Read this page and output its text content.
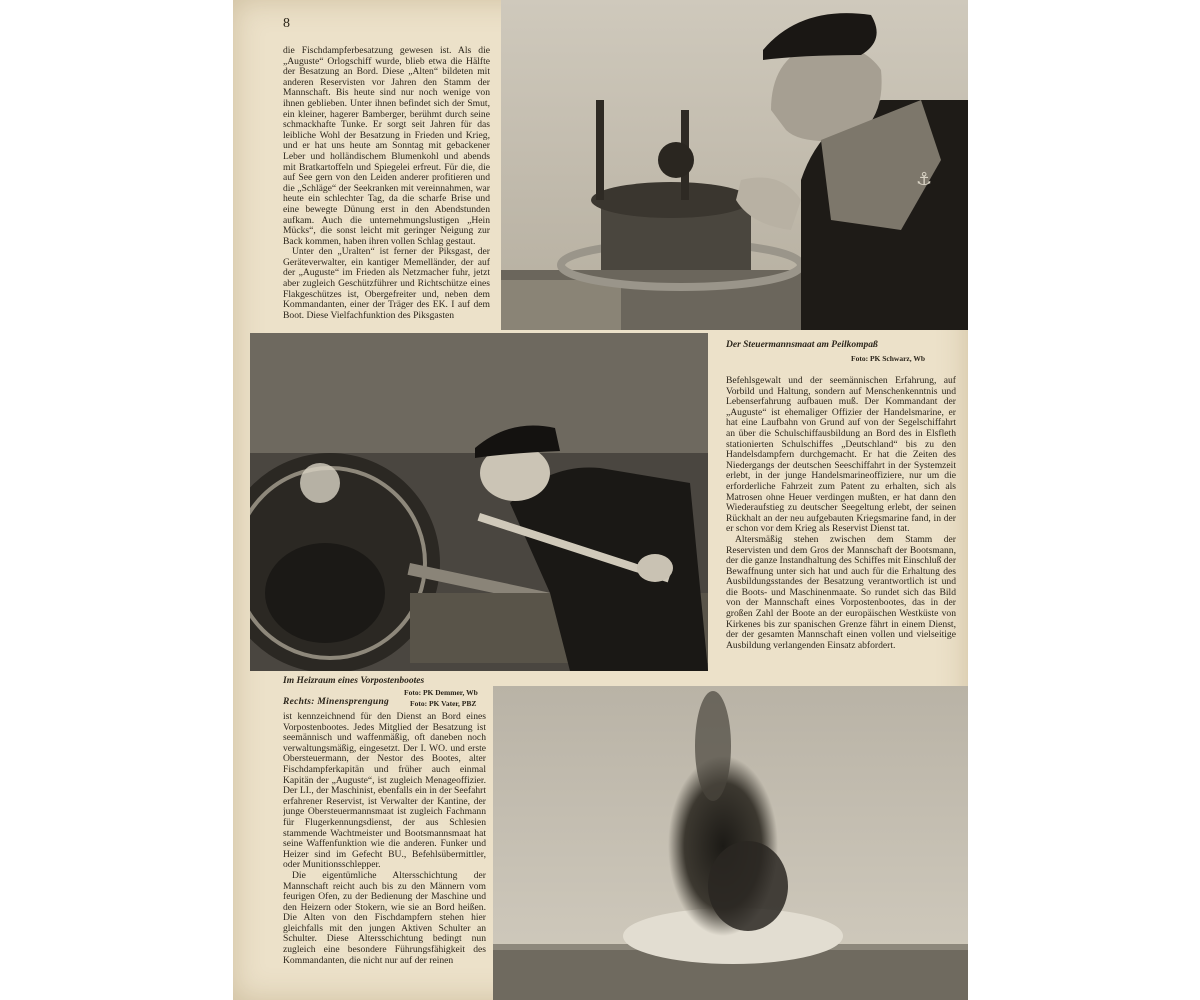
8

die Fischdampferbesatzung gewesen ist. Als die „Auguste“ Orlogschiff wurde, blieb etwa die Hälfte der Besatzung an Bord. Diese „Alten“ bildeten mit anderen Reservisten vor Jahren den Stamm der Mannschaft. Bis heute sind nur noch wenige von ihnen geblieben. Unter ihnen befindet sich der Smut, ein kleiner, hagerer Bamberger, berühmt durch seine schmackhafte Tunke. Er sorgt seit Jahren für das leibliche Wohl der Besatzung in Frieden und Krieg, und er hat uns heute am Sonntag mit gebackener Leber und holländischem Blumenkohl und abends mit Bratkartoffeln und Spiegelei erfreut. Für die, die auf See gern von den Leiden anderer profitieren und die „Schläge“ der Seekranken mit vereinnahmen, war heute ein schlechter Tag, da die scharfe Brise und eine bewegte Dünung erst in den Abendstunden aufkam. Auch die unternehmungslustigen „Hein Mücks“, die sonst leicht mit geringer Neigung zur Back kommen, haben ihren vollen Schlag gestaut.

Unter den „Uralten“ ist ferner der Piksgast, der Geräteverwalter, ein kantiger Memelländer, der auf der „Auguste“ im Frieden als Netzmacher fuhr, jetzt aber zugleich Geschützführer und Richtschütze eines Flakgeschützes ist, Obergefreiter und, neben dem Kommandanten, einer der Träger des EK. I auf dem Boot. Diese Vielfachfunktion des Piksgasten

⚓
Der Steuermannsmaat am Peilkompaß
Foto: PK Schwarz, Wb

Befehlsgewalt und der seemännischen Erfahrung, auf Vorbild und Haltung, sondern auf Menschenkenntnis und Lebenserfahrung aufbauen muß. Der Kommandant der „Auguste“ ist ehemaliger Offizier der Handelsmarine, er hat eine Laufbahn von Grund auf von der Segelschiffahrt an über die Schulschiffausbildung an Bord des in Elsfleth stationierten Schulschiffes „Deutschland“ bis zu den Handelsdampfern durchgemacht. Er hat die Zeiten des Niedergangs der deutschen Seeschiffahrt in der Systemzeit erlebt, in der junge Handelsmarineoffiziere, nur um die erforderliche Fahrzeit zum Patent zu erhalten, sich als Matrosen ohne Heuer verdingen mußten, er hat dann den Wiederaufstieg zu deutscher Seegeltung erlebt, der seinen Rückhalt an der neu aufgebauten Kriegsmarine fand, in der er schon vor dem Krieg als Reservist Dienst tat.

Altersmäßig stehen zwischen dem Stamm der Reservisten und dem Gros der Mannschaft der Bootsmann, der die ganze Instandhaltung des Schiffes mit Einschluß der Bewaffnung unter sich hat und auch für die Erhaltung des Ausbildungsstandes der Besatzung verantwortlich ist und die Boots- und Maschinenmaate. So rundet sich das Bild von der Mannschaft eines Vorpostenbootes, das in der großen Zahl der Boote an der europäischen Westküste von Kirkenes bis zur spanischen Grenze fährt in einem Dienst, der der gesamten Mannschaft einen vollen und vielseitige Ausbildung verlangenden Einsatz abfordert.

Im Heizraum eines Vorpostenbootes
Foto: PK Demmer, Wb
Rechts: Minensprengung	Foto: PK Vater, PBZ

ist kennzeichnend für den Dienst an Bord eines Vorpostenbootes. Jedes Mitglied der Besatzung ist seemännisch und waffenmäßig, oft daneben noch verwaltungsmäßig, eingesetzt. Der I. WO. und erste Obersteuermann, der Nestor des Bootes, alter Fischdampferkapitän und früher auch einmal Kapitän der „Auguste“, ist zugleich Menageoffizier. Der LI., der Maschinist, ebenfalls ein in der Seefahrt erfahrener Reservist, ist Verwalter der Kantine, der junge Obersteuermannsmaat ist zugleich Fachmann für Flugerkennungsdienst, der aus Schlesien stammende Wachtmeister und Bootsmannsmaat hat seine Waffenfunktion wie die anderen. Funker und Heizer sind im Gefecht BU., Befehlsübermittler, oder Munitionsschlepper.

Die eigentümliche Altersschichtung der Mannschaft reicht auch bis zu den Männern vom feurigen Ofen, zu der Bedienung der Maschine und den Heizern oder Stokern, wie sie an Bord heißen. Die Alten von den Fischdampfern stehen hier gleichfalls mit den jungen Aktiven Schulter an Schulter. Diese Altersschichtung bedingt nun zugleich eine besondere Führungsfähigkeit des Kommandanten, die nicht nur auf der reinen
